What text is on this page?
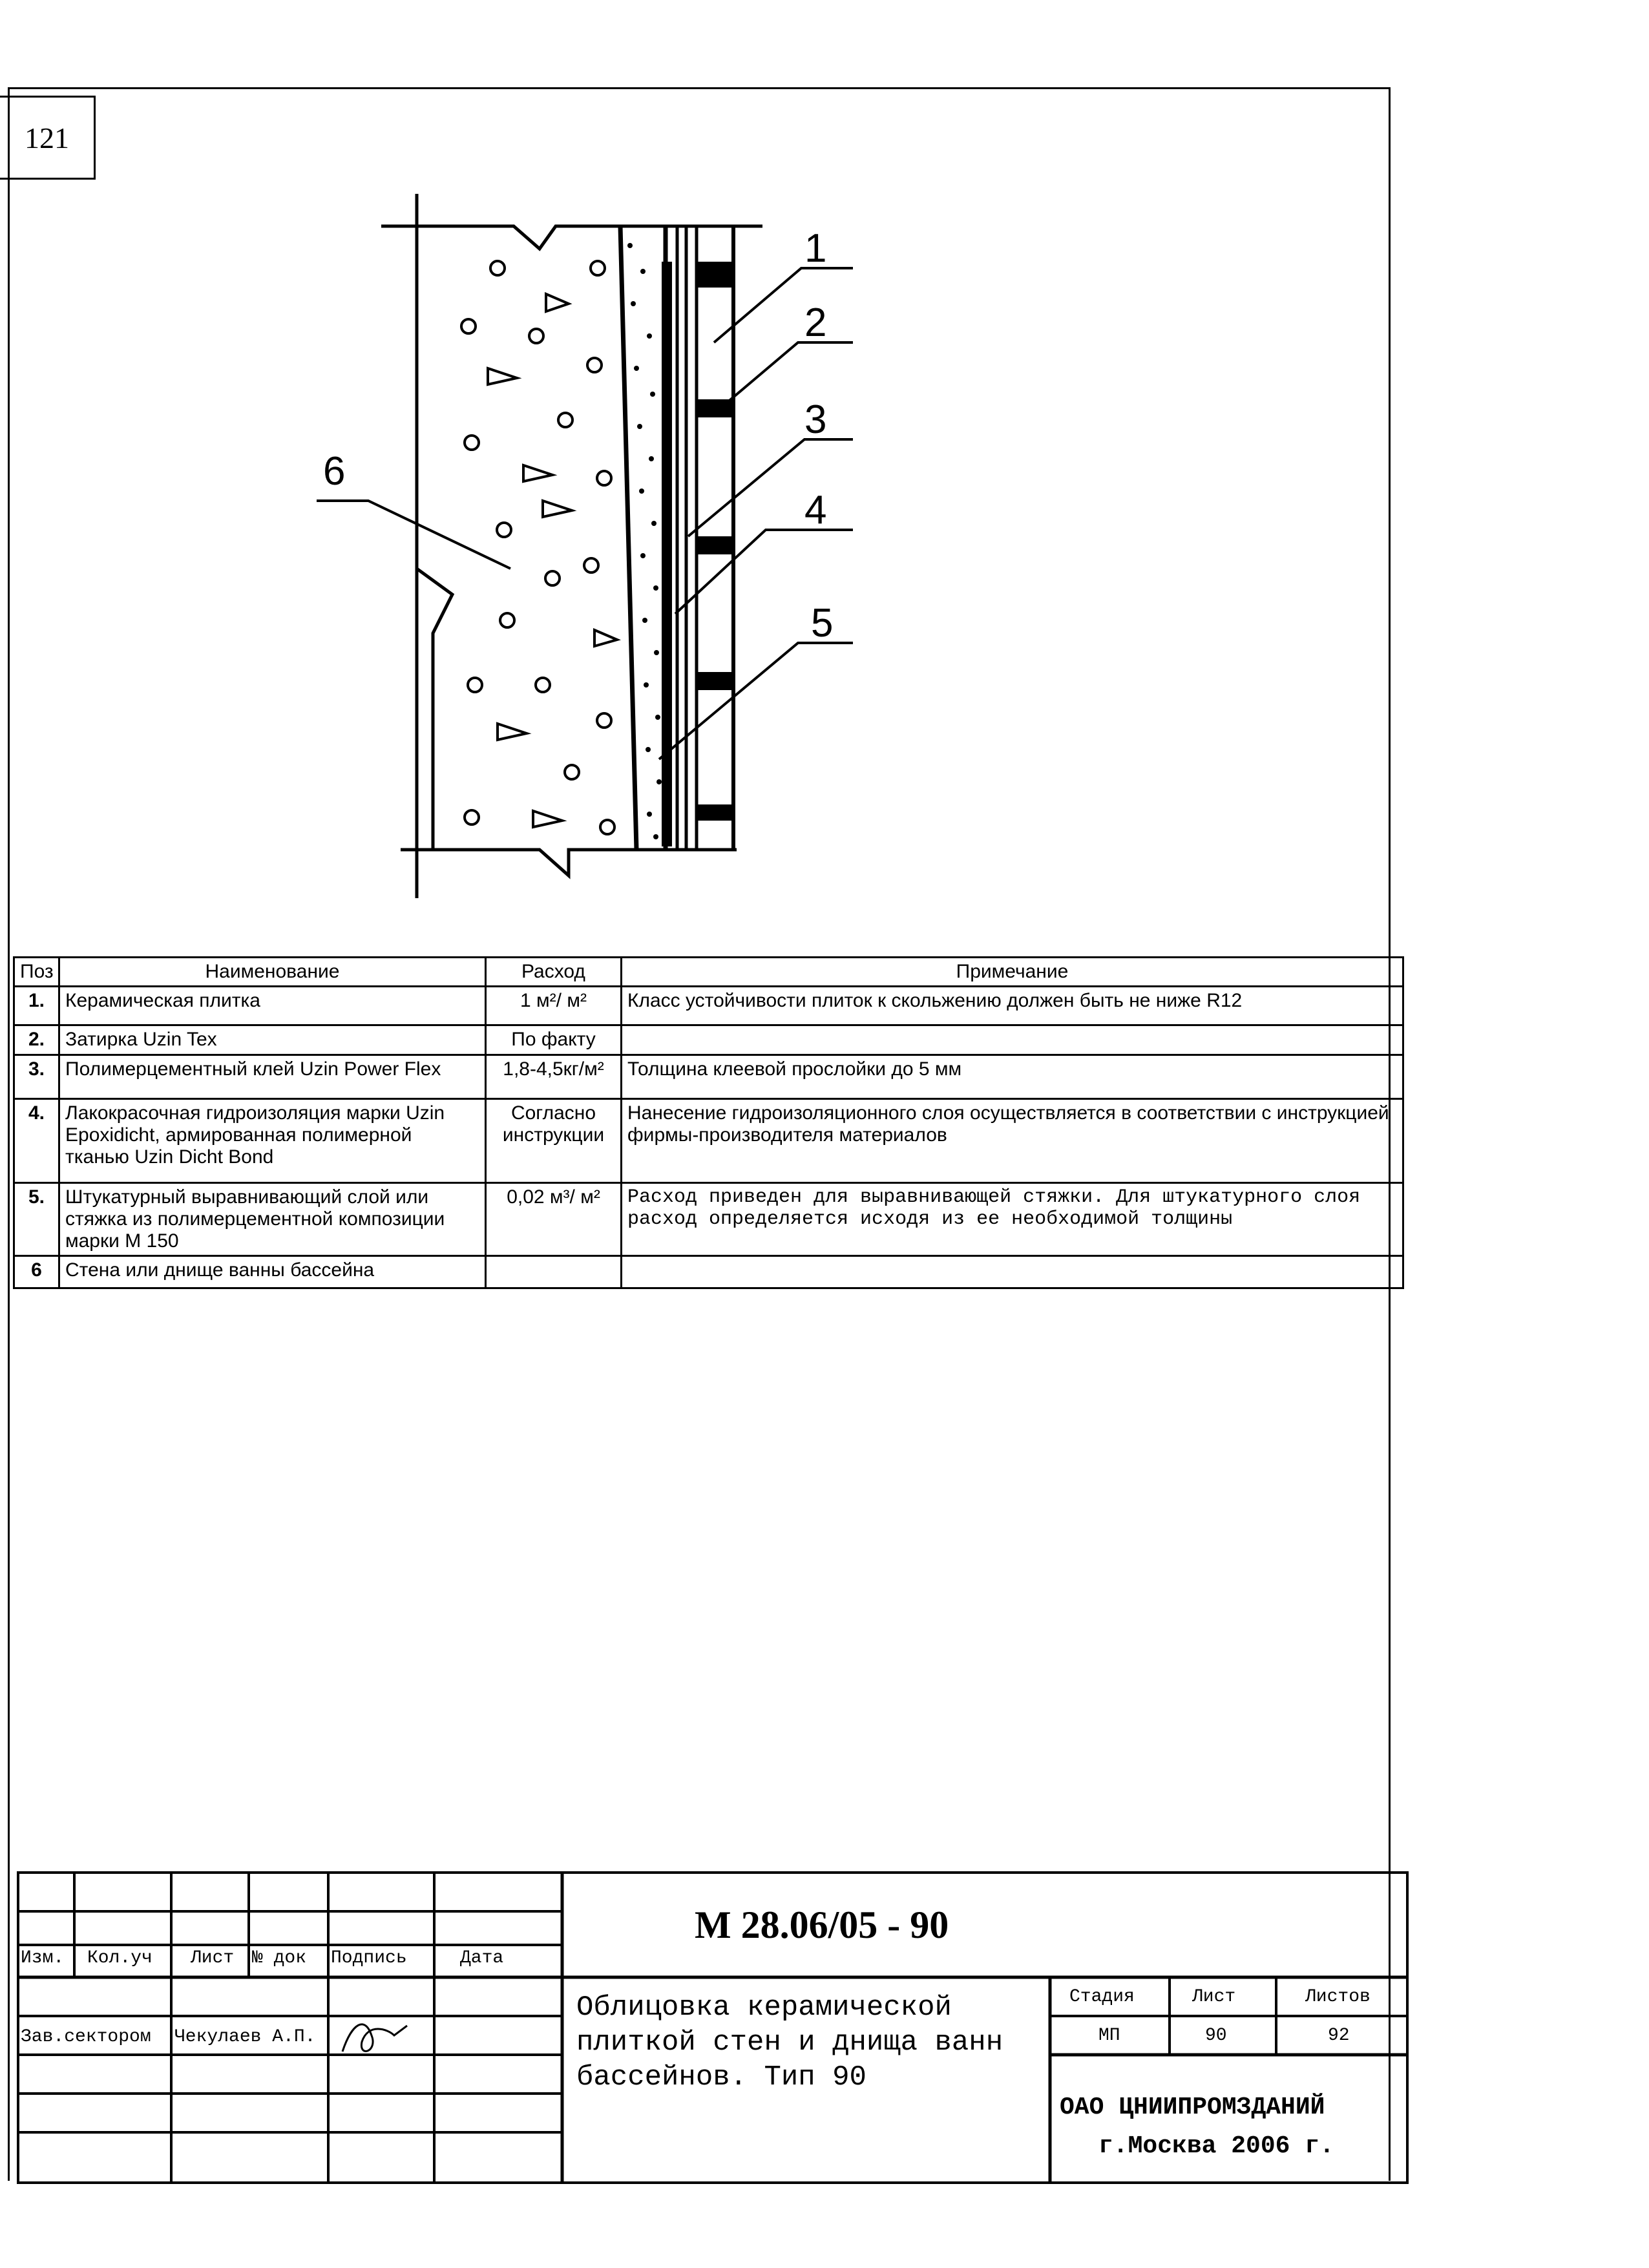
121
1
2
3
4
5
6
Поз	Наименование	Расход	Примечание
1.	Керамическая плитка	1 м²/ м²	Класс устойчивости плиток к скольжению должен быть не ниже R12
2.	Затирка Uzin Tex	По факту	
3.	Полимерцементный клей Uzin Power Flex	1,8-4,5кг/м²	Толщина клеевой прослойки до 5 мм
4.	Лакокрасочная гидроизоляция марки Uzin Epoxidicht, армированная полимерной тканью Uzin Dicht Bond	Согласно инструкции	Нанесение гидроизоляционного слоя осуществляется в соответствии с инструкцией фирмы-производителя материалов
5.	Штукатурный выравнивающий слой или стяжка из полимерцементной композиции марки М 150	0,02 м³/ м²	Расход приведен для выравнивающей стяжки. Для штукатурного слоя расход определяется исходя из ее необходимой толщины
6	Стена или днище ванны бассейна		
М 28.06/05 - 90
Изм. Кол.уч Лист № док Подпись	Дата
Зав.сектором Чекулаев А.П.
Облицовка керамической
плиткой стен и днища ванн
бассейнов. Тип 90
Стадия	Лист	Листов
МП	90	92
ОАО ЦНИИПРОМЗДАНИЙ
г.Москва 2006 г.
